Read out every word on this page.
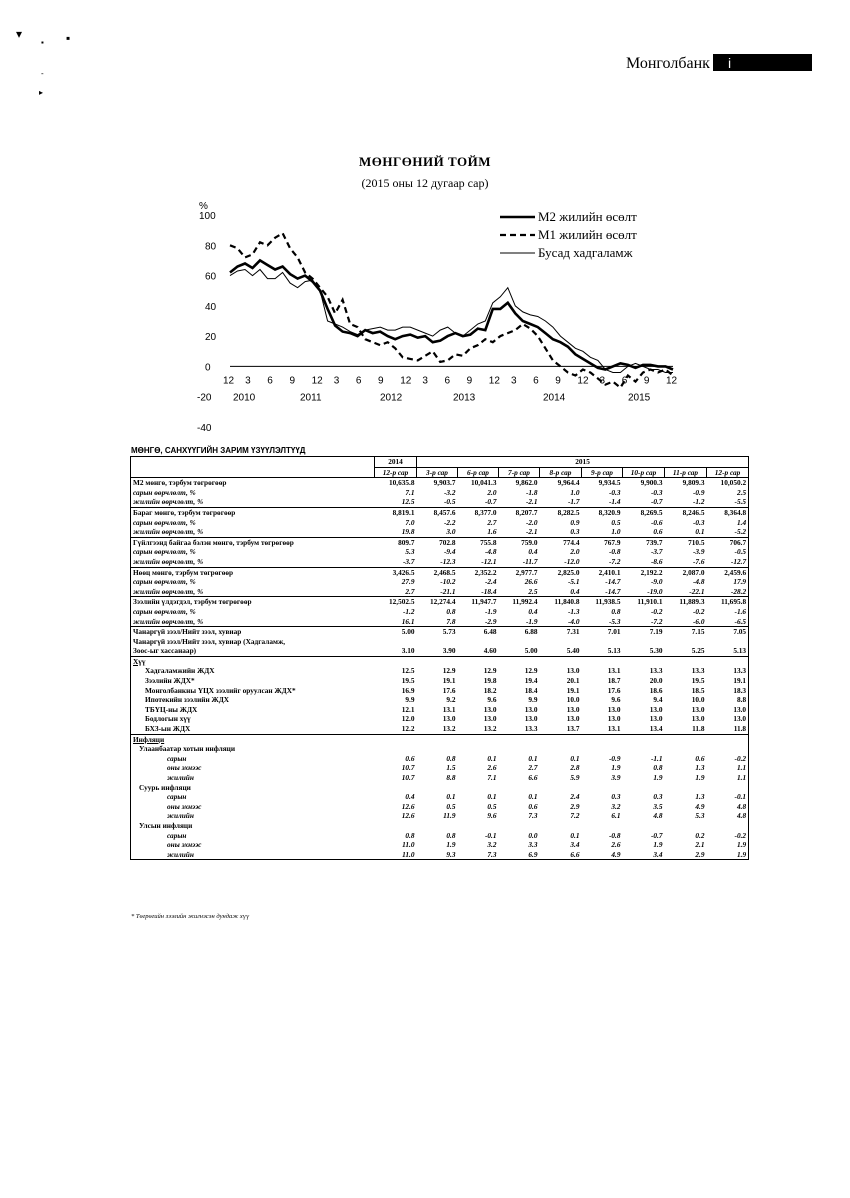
▾
▪ ▪
-
▸
Монголбанк i
МӨНГӨНИЙ ТОЙМ
(2015 оны 12 дугаар сар)
%
100
80
60
40
20
0
-20
-40
12 3 6 9 12 3 6 9 12 3 6 9 12 3 6 9 12 3 6 9 12
2010	2011	2012	2013	2014	2015
М2 жилийн өсөлт
М1 жилийн өсөлт
Бусад хадгаламж
МӨНГӨ, САНХҮҮГИЙН ЗАРИМ ҮЗҮҮЛЭЛТҮҮД
	2014	2015							
	12-р сар	3-р сар	6-р сар	7-р сар	8-р сар	9-р сар	10-р сар	11-р сар	12-р сар
М2 мөнгө, тэрбум төгрөгөөр	10,635.8	9,903.7	10,041.3	9,862.0	9,964.4	9,934.5	9,900.3	9,809.3	10,050.2
сарын өөрчлөлт, %	7.1	-3.2	2.0	-1.8	1.0	-0.3	-0.3	-0.9	2.5
жилийн өөрчлөлт, %	12.5	-0.5	-0.7	-2.1	-1.7	-1.4	-0.7	-1.2	-5.5
Бараг мөнгө, тэрбум төгрөгөөр	8,819.1	8,457.6	8,377.0	8,207.7	8,282.5	8,320.9	8,269.5	8,246.5	8,364.8
сарын өөрчлөлт, %	7.0	-2.2	2.7	-2.0	0.9	0.5	-0.6	-0.3	1.4
жилийн өөрчлөлт, %	19.8	3.0	1.6	-2.1	0.3	1.0	0.6	0.1	-5.2
Гүйлгээнд байгаа бэлэн мөнгө, тэрбум төгрөгөөр	809.7	702.8	755.8	759.0	774.4	767.9	739.7	710.5	706.7
сарын өөрчлөлт, %	5.3	-9.4	-4.8	0.4	2.0	-0.8	-3.7	-3.9	-0.5
жилийн өөрчлөлт, %	-3.7	-12.3	-12.1	-11.7	-12.0	-7.2	-8.6	-7.6	-12.7
Нөөц мөнгө, тэрбум төгрөгөөр	3,426.5	2,468.5	2,352.2	2,977.7	2,825.0	2,410.1	2,192.2	2,087.0	2,459.6
сарын өөрчлөлт, %	27.9	-10.2	-2.4	26.6	-5.1	-14.7	-9.0	-4.8	17.9
жилийн өөрчлөлт, %	2.7	-21.1	-18.4	2.5	0.4	-14.7	-19.0	-22.1	-28.2
Зээлийн үлдэгдэл, тэрбум төгрөгөөр	12,502.5	12,274.4	11,947.7	11,992.4	11,840.8	11,938.5	11,910.1	11,889.3	11,695.8
сарын өөрчлөлт, %	-1.2	0.8	-1.9	0.4	-1.3	0.8	-0.2	-0.2	-1.6
жилийн өөрчлөлт, %	16.1	7.8	-2.9	-1.9	-4.0	-5.3	-7.2	-6.0	-6.5
Чанаргүй зээл/Нийт зээл, хувиар	5.00	5.73	6.48	6.88	7.31	7.01	7.19	7.15	7.05
Чанаргүй зээл/Нийт зээл, хувиар (Хадгаламж,									
Зоос-ыг хассанаар)	3.10	3.90	4.60	5.00	5.40	5.13	5.30	5.25	5.13
Хүү									
Хадгаламжийн ЖДХ	12.5	12.9	12.9	12.9	13.0	13.1	13.3	13.3	13.3
Зээлийн ЖДХ*	19.5	19.1	19.8	19.4	20.1	18.7	20.0	19.5	19.1
Монголбанкны ҮЦХ зээлийг оруулсан ЖДХ*	16.9	17.6	18.2	18.4	19.1	17.6	18.6	18.5	18.3
Ипотекийн зээлийн ЖДХ	9.9	9.2	9.6	9.9	10.0	9.6	9.4	10.0	8.8
ТБҮЦ-ны ЖДХ	12.1	13.1	13.0	13.0	13.0	13.0	13.0	13.0	13.0
Бодлогын хүү	12.0	13.0	13.0	13.0	13.0	13.0	13.0	13.0	13.0
БХЗ-ын ЖДХ	12.2	13.2	13.2	13.3	13.7	13.1	13.4	11.8	11.8
Инфляци									
Улаанбаатар хотын инфляци									
сарын	0.6	0.8	0.1	0.1	0.1	-0.9	-1.1	0.6	-0.2
оны эхнээс	10.7	1.5	2.6	2.7	2.8	1.9	0.8	1.3	1.1
жилийн	10.7	8.8	7.1	6.6	5.9	3.9	1.9	1.9	1.1
Суурь инфляци									
сарын	0.4	0.1	0.1	0.1	2.4	0.3	0.3	1.3	-0.1
оны эхнээс	12.6	0.5	0.5	0.6	2.9	3.2	3.5	4.9	4.8
жилийн	12.6	11.9	9.6	7.3	7.2	6.1	4.8	5.3	4.8
Улсын инфляци									
сарын	0.8	0.8	-0.1	0.0	0.1	-0.8	-0.7	0.2	-0.2
оны эхнээс	11.0	1.9	3.2	3.3	3.4	2.6	1.9	2.1	1.9
жилийн	11.0	9.3	7.3	6.9	6.6	4.9	3.4	2.9	1.9
* Төгрөгийн зээлийн жигнэсэн дундаж хүү
